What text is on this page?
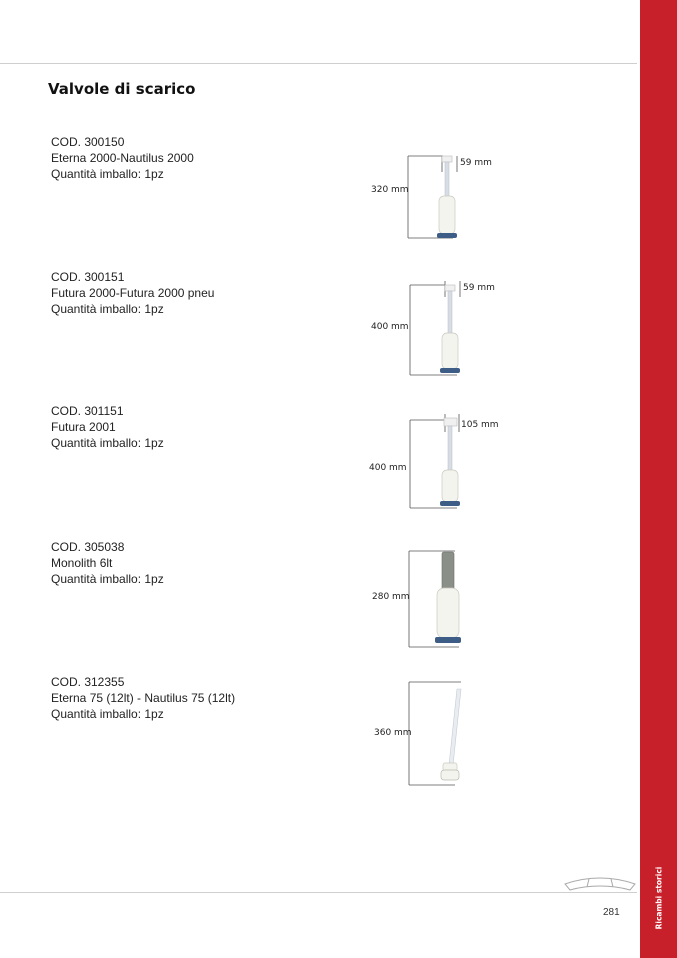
Valvole di scarico
COD. 300150
Eterna 2000-Nautilus 2000
Quantità imballo: 1pz
320 mm
59 mm
COD. 300151
Futura 2000-Futura 2000 pneu
Quantità imballo: 1pz
400 mm
59 mm
COD. 301151
Futura 2001
Quantità imballo: 1pz
400 mm
105 mm
COD. 305038
Monolith 6lt
Quantità imballo: 1pz
280 mm
COD. 312355
Eterna 75 (12lt) - Nautilus 75 (12lt)
Quantità imballo: 1pz
360 mm
281	Ricambi storici
